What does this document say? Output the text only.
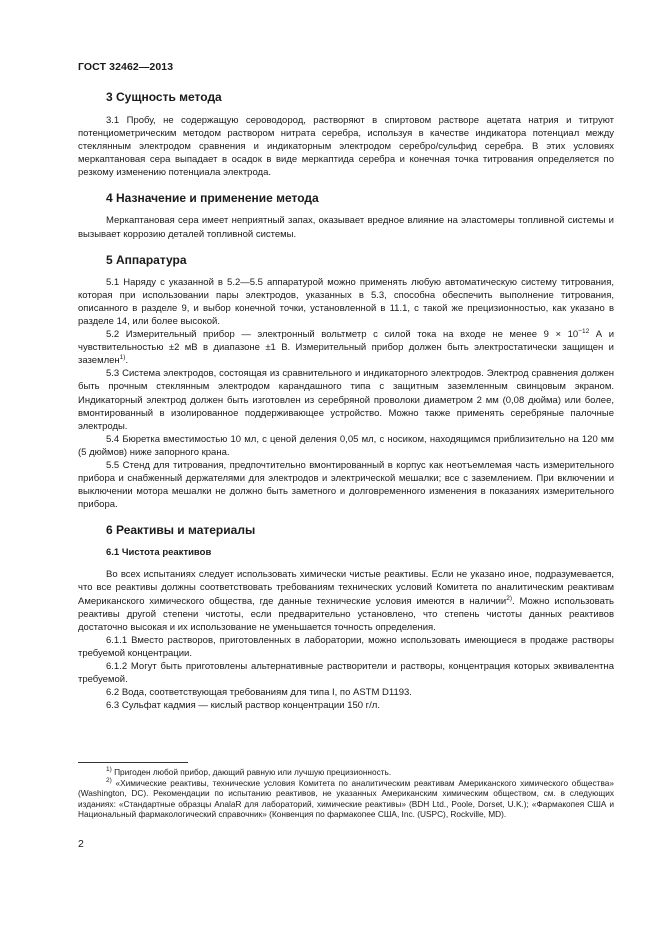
ГОСТ 32462—2013
3 Сущность метода

3.1 Пробу, не содержащую сероводород, растворяют в спиртовом растворе ацетата натрия и титруют потенциометрическим методом раствором нитрата серебра, используя в качестве индикатора потенциал между стеклянным электродом сравнения и индикаторным электродом серебро/сульфид серебра. В этих условиях меркаптановая сера выпадает в осадок в виде меркаптида серебра и конечная точка титрования определяется по резкому изменению потенциала электрода.

4 Назначение и применение метода

Меркаптановая сера имеет неприятный запах, оказывает вредное влияние на эластомеры топливной системы и вызывает коррозию деталей топливной системы.

5 Аппаратура

5.1 Наряду с указанной в 5.2—5.5 аппаратурой можно применять любую автоматическую систему титрования, которая при использовании пары электродов, указанных в 5.3, способна обеспечить выполнение титрования, описанного в разделе 9, и выбор конечной точки, установленной в 11.1, с такой же прецизионностью, как указано в разделе 14, или более высокой.

5.2 Измерительный прибор — электронный вольтметр с силой тока на входе не менее $9 \times 10^{-12}$ А и чувствительностью ±2 мВ в диапазоне ±1 В. Измерительный прибор должен быть электростатически защищен и заземлен$^{1)}$.

5.3 Система электродов, состоящая из сравнительного и индикаторного электродов. Электрод сравнения должен быть прочным стеклянным электродом карандашного типа с защитным заземленным свинцовым экраном. Индикаторный электрод должен быть изготовлен из серебряной проволоки диаметром 2 мм (0,08 дюйма) или более, вмонтированный в изолированное поддерживающее устройство. Можно также применять серебряные палочные электроды.

5.4 Бюретка вместимостью 10 мл, с ценой деления 0,05 мл, с носиком, находящимся приблизительно на 120 мм (5 дюймов) ниже запорного крана.

5.5 Стенд для титрования, предпочтительно вмонтированный в корпус как неотъемлемая часть измерительного прибора и снабженный держателями для электродов и электрической мешалки; все с заземлением. При включении и выключении мотора мешалки не должно быть заметного и долговременного изменения в показаниях измерительного прибора.

6 Реактивы и материалы
6.1 Чистота реактивов

Во всех испытаниях следует использовать химически чистые реактивы. Если не указано иное, подразумевается, что все реактивы должны соответствовать требованиям технических условий Комитета по аналитическим реактивам Американского химического общества, где данные технические условия имеются в наличии$^{2)}$. Можно использовать реактивы другой степени чистоты, если предварительно установлено, что степень чистоты данных реактивов достаточно высокая и их использование не уменьшается точность определения.

6.1.1 Вместо растворов, приготовленных в лаборатории, можно использовать имеющиеся в продаже растворы требуемой концентрации.

6.1.2 Могут быть приготовлены альтернативные растворители и растворы, концентрация которых эквивалентна требуемой.

6.2 Вода, соответствующая требованиям для типа I, по ASTM D1193.

6.3 Сульфат кадмия — кислый раствор концентрации 150 г/л.

$^{1)}$ Пригоден любой прибор, дающий равную или лучшую прецизионность.

$^{2)}$ «Химические реактивы, технические условия Комитета по аналитическим реактивам Американского химического общества» (Washington, DC). Рекомендации по испытанию реактивов, не указанных Американским химическим обществом, см. в следующих изданиях: «Стандартные образцы AnalaR для лабораторий, химические реактивы» (BDH Ltd., Poole, Dorset, U.K.); «Фармакопея США и Национальный фармакологический справочник» (Конвенция по фармакопее США, Inc. (USPC), Rockville, MD).

2
